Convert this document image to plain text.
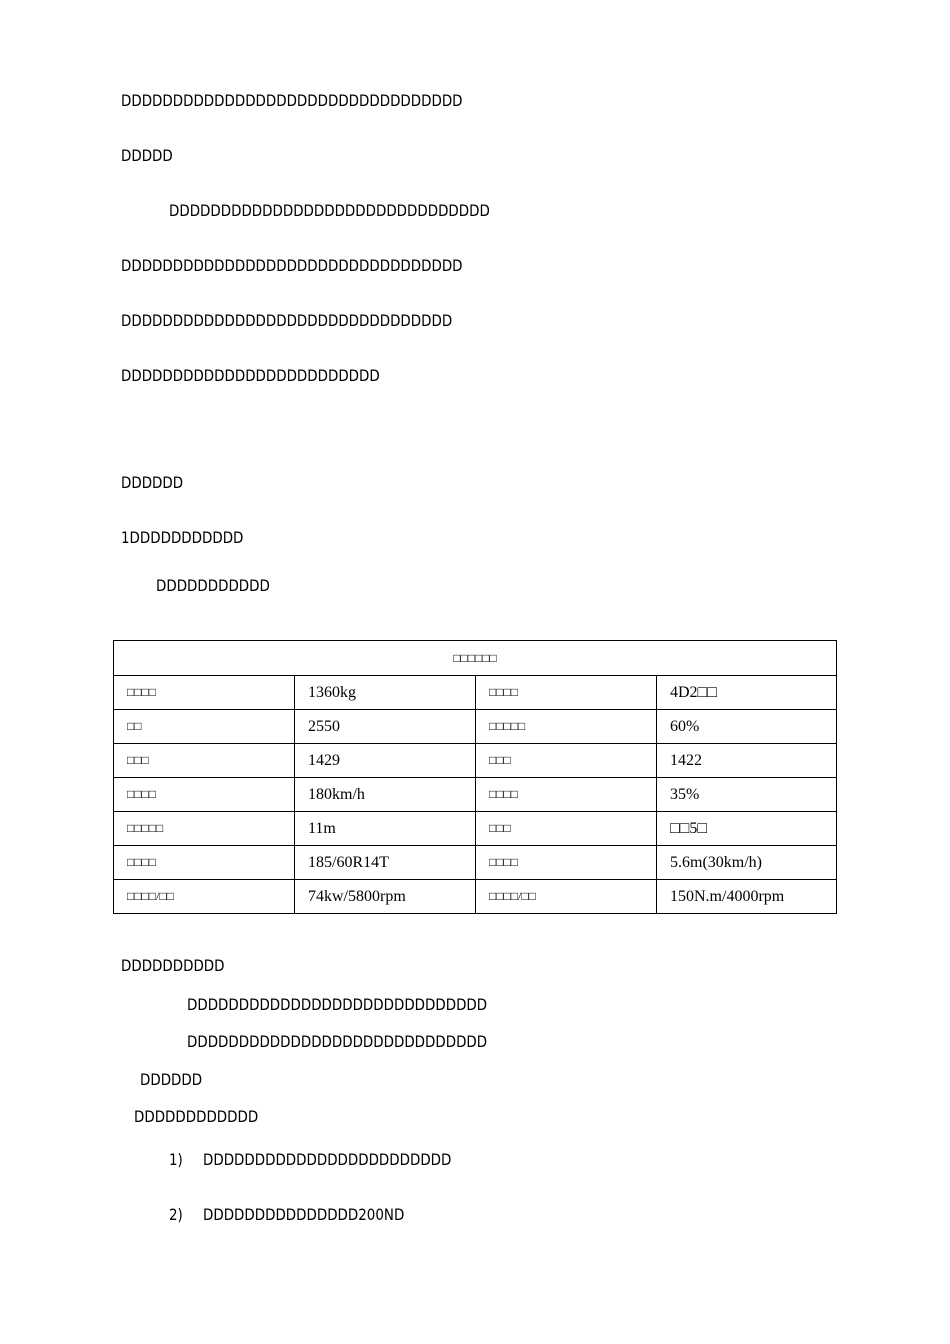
DDDDDDDDDDDDDDDDDDDDDDDDDDDDDDDDD
DDDDD
DDDDDDDDDDDDDDDDDDDDDDDDDDDDDDD
DDDDDDDDDDDDDDDDDDDDDDDDDDDDDDDDD
DDDDDDDDDDDDDDDDDDDDDDDDDDDDDDDD
DDDDDDDDDDDDDDDDDDDDDDDDD
DDDDDD
1DDDDDDDDDDD
DDDDDDDDDDD
□□□□□□			
□□□□	1360kg	□□□□	4D2□□
□□	2550	□□□□□	60%
□□□	1429	□□□	1422
□□□□	180km/h	□□□□	35%
□□□□□	11m	□□□	□□5□
□□□□	185/60R14T	□□□□	5.6m(30km/h)
□□□□/□□	74kw/5800rpm	□□□□/□□	150N.m/4000rpm
DDDDDDDDDD
DDDDDDDDDDDDDDDDDDDDDDDDDDDDD
DDDDDDDDDDDDDDDDDDDDDDDDDDDDD
DDDDDD
DDDDDDDDDDDD
1) DDDDDDDDDDDDDDDDDDDDDDDD
2) DDDDDDDDDDDDDDD200ND
